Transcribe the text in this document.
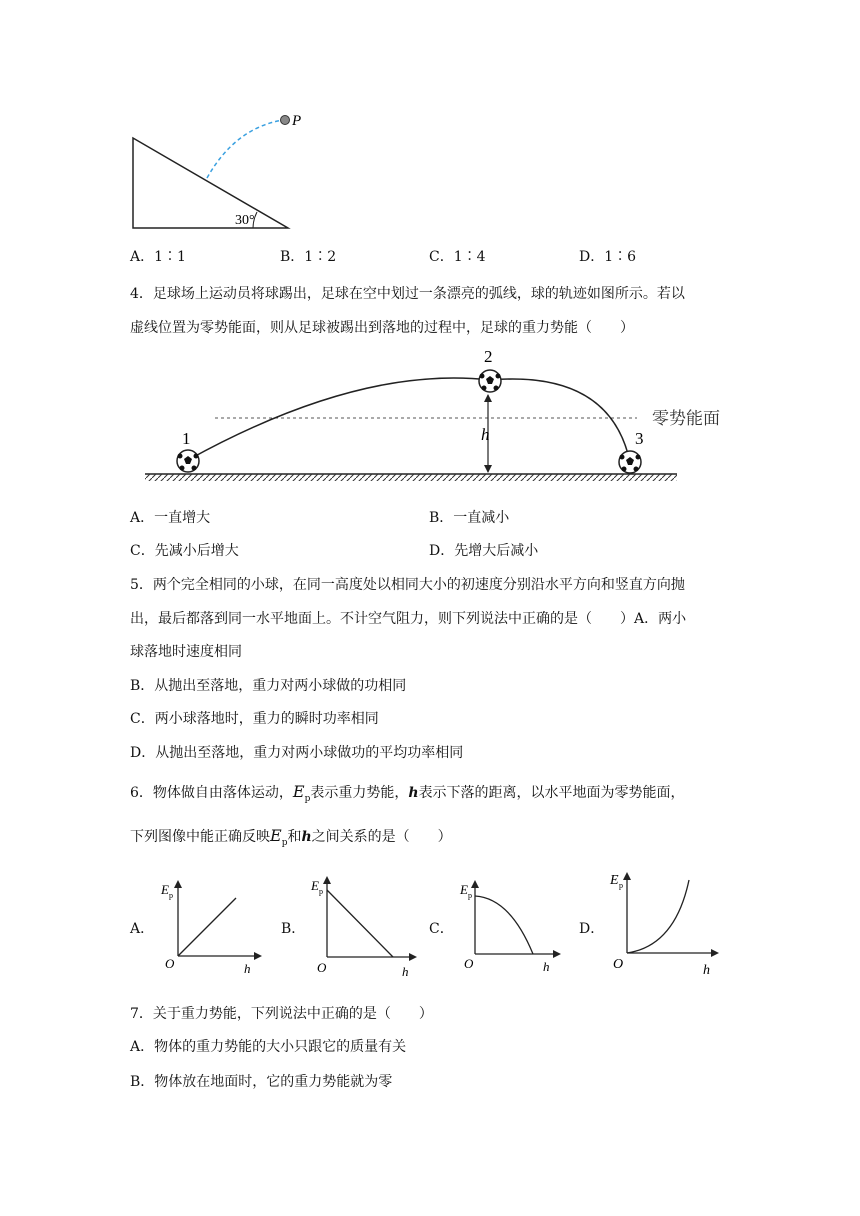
P
30°
A．1∶1	B．1∶2	C．1∶4	D．1∶6
4．足球场上运动员将球踢出，足球在空中划过一条漂亮的弧线，球的轨迹如图所示。若以
虚线位置为零势能面，则从足球被踢出到落地的过程中，足球的重力势能（　　）
零势能面
h
1
2
3
A．一直增大	B．一直减小
C．先减小后增大	D．先增大后减小
5．两个完全相同的小球，在同一高度处以相同大小的初速度分别沿水平方向和竖直方向抛
出，最后都落到同一水平地面上。不计空气阻力，则下列说法中正确的是（　　）A．两小
球落地时速度相同
B．从抛出至落地，重力对两小球做的功相同
C．两小球落地时，重力的瞬时功率相同
D．从抛出至落地，重力对两小球做功的平均功率相同
6．物体做自由落体运动，$E_p$表示重力势能，h表示下落的距离，以水平地面为零势能面，
下列图像中能正确反映$E_p$和h之间关系的是（　　）
A．	B．	C．	D．
E p
O	h
E p
O	h
E p
O	h
E p
O	h
7．关于重力势能，下列说法中正确的是（　　）
A．物体的重力势能的大小只跟它的质量有关
B．物体放在地面时，它的重力势能就为零
